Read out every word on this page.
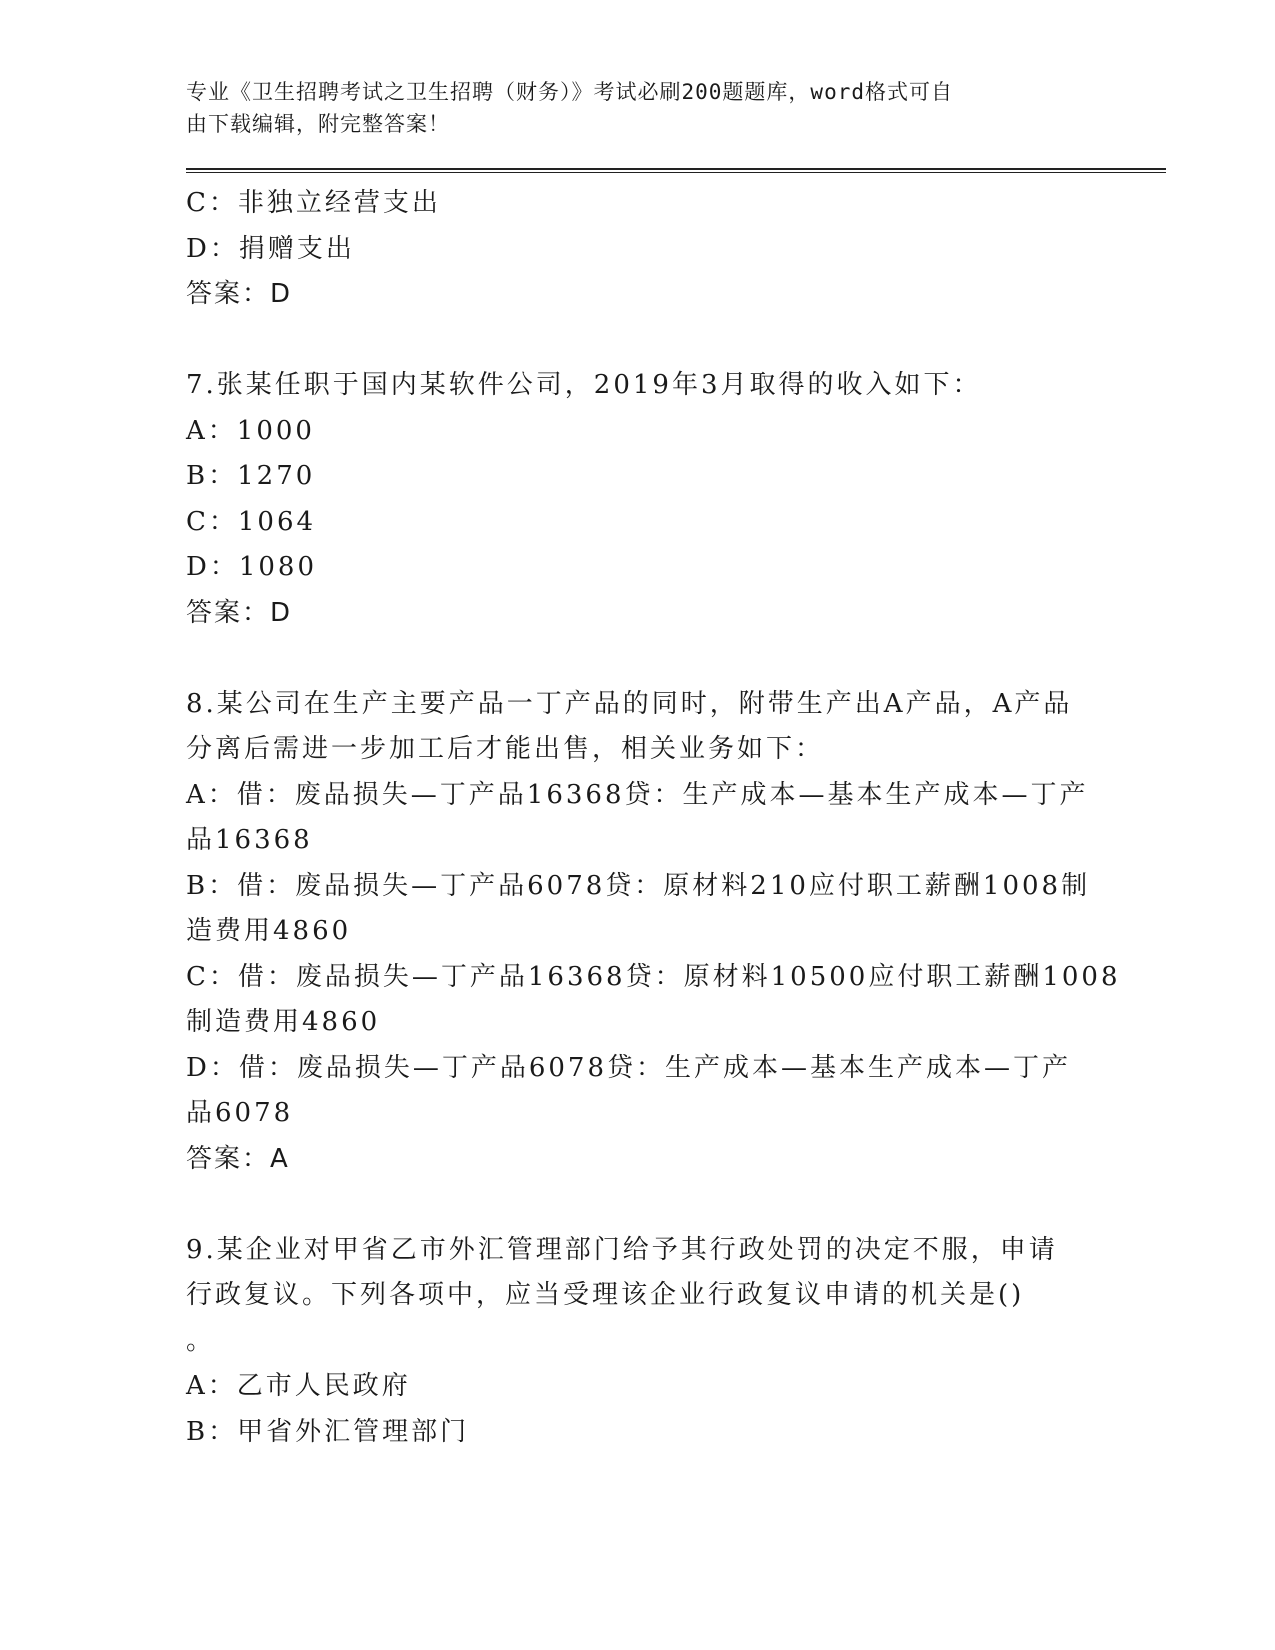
专业《卫生招聘考试之卫生招聘（财务）》考试必刷200题题库，word格式可自
由下载编辑，附完整答案！
C：非独立经营支出
D：捐赠支出
答案：D
7.张某任职于国内某软件公司，2019年3月取得的收入如下：
A：1000
B：1270
C：1064
D：1080
答案：D
8.某公司在生产主要产品一丁产品的同时，附带生产出A产品，A产品
分离后需进一步加工后才能出售，相关业务如下：
A：借：废品损失—丁产品16368贷：生产成本—基本生产成本—丁产
品16368
B：借：废品损失—丁产品6078贷：原材料210应付职工薪酬1008制
造费用4860
C：借：废品损失—丁产品16368贷：原材料10500应付职工薪酬1008
制造费用4860
D：借：废品损失—丁产品6078贷：生产成本—基本生产成本—丁产
品6078
答案：A
9.某企业对甲省乙市外汇管理部门给予其行政处罚的决定不服，申请
行政复议。下列各项中，应当受理该企业行政复议申请的机关是()
。
A：乙市人民政府
B：甲省外汇管理部门
